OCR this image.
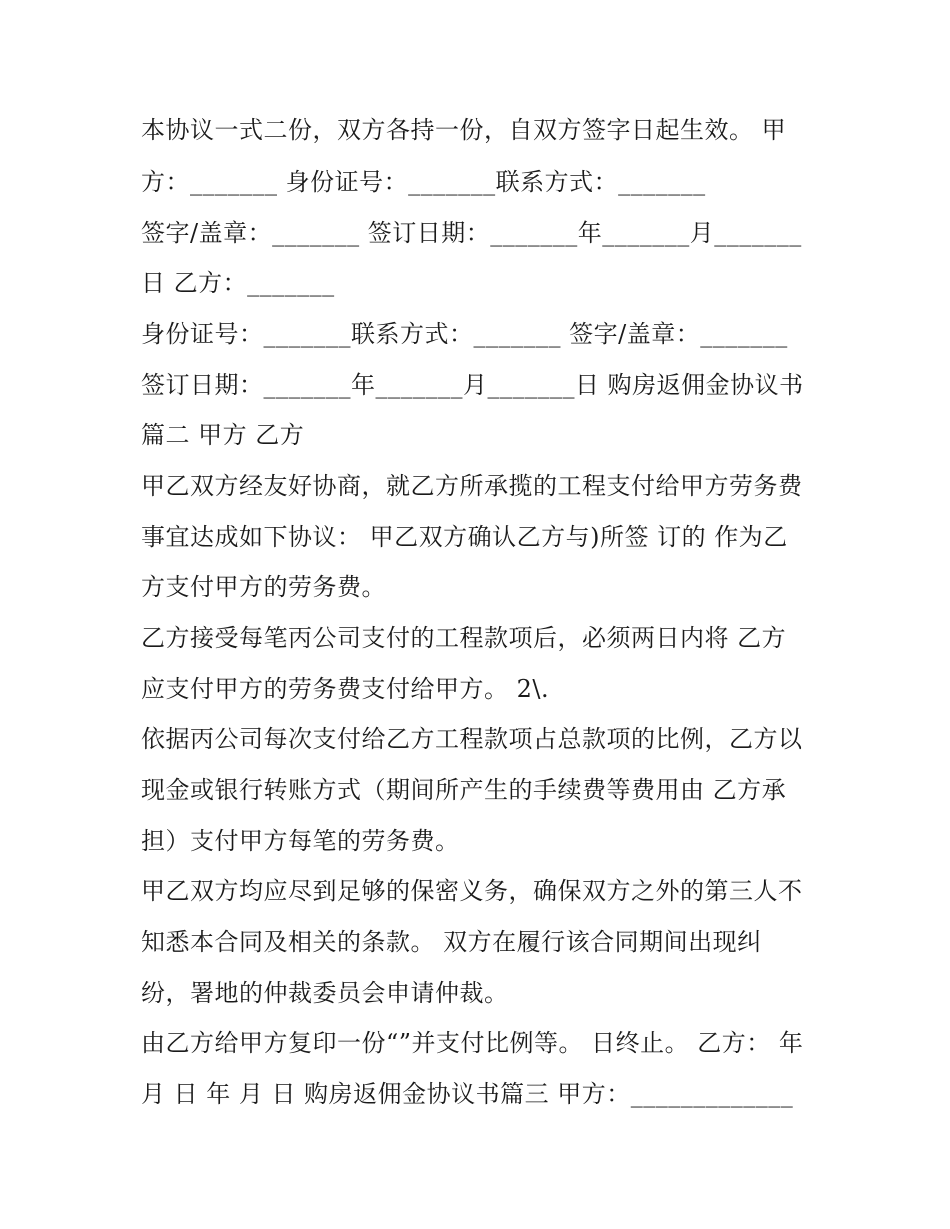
本协议一式二份，双方各持一份，自双方签字日起生效。 甲
方：_______ 身份证号：_______联系方式：_______
签字/盖章：_______ 签订日期：_______年_______月_______
日 乙方：_______
身份证号：_______联系方式：_______ 签字/盖章：_______
签订日期：_______年_______月_______日 购房返佣金协议书
篇二 甲方 乙方
甲乙双方经友好协商，就乙方所承揽的工程支付给甲方劳务费
事宜达成如下协议： 甲乙双方确认乙方与)所签 订的 作为乙
方支付甲方的劳务费。
乙方接受每笔丙公司支付的工程款项后，必须两日内将 乙方
应支付甲方的劳务费支付给甲方。 2\.
依据丙公司每次支付给乙方工程款项占总款项的比例，乙方以
现金或银行转账方式（期间所产生的手续费等费用由 乙方承
担）支付甲方每笔的劳务费。
甲乙双方均应尽到足够的保密义务，确保双方之外的第三人不
知悉本合同及相关的条款。 双方在履行该合同期间出现纠
纷，署地的仲裁委员会申请仲裁。
由乙方给甲方复印一份“”并支付比例等。 日终止。 乙方： 年
月 日 年 月 日 购房返佣金协议书篇三 甲方：_____________
